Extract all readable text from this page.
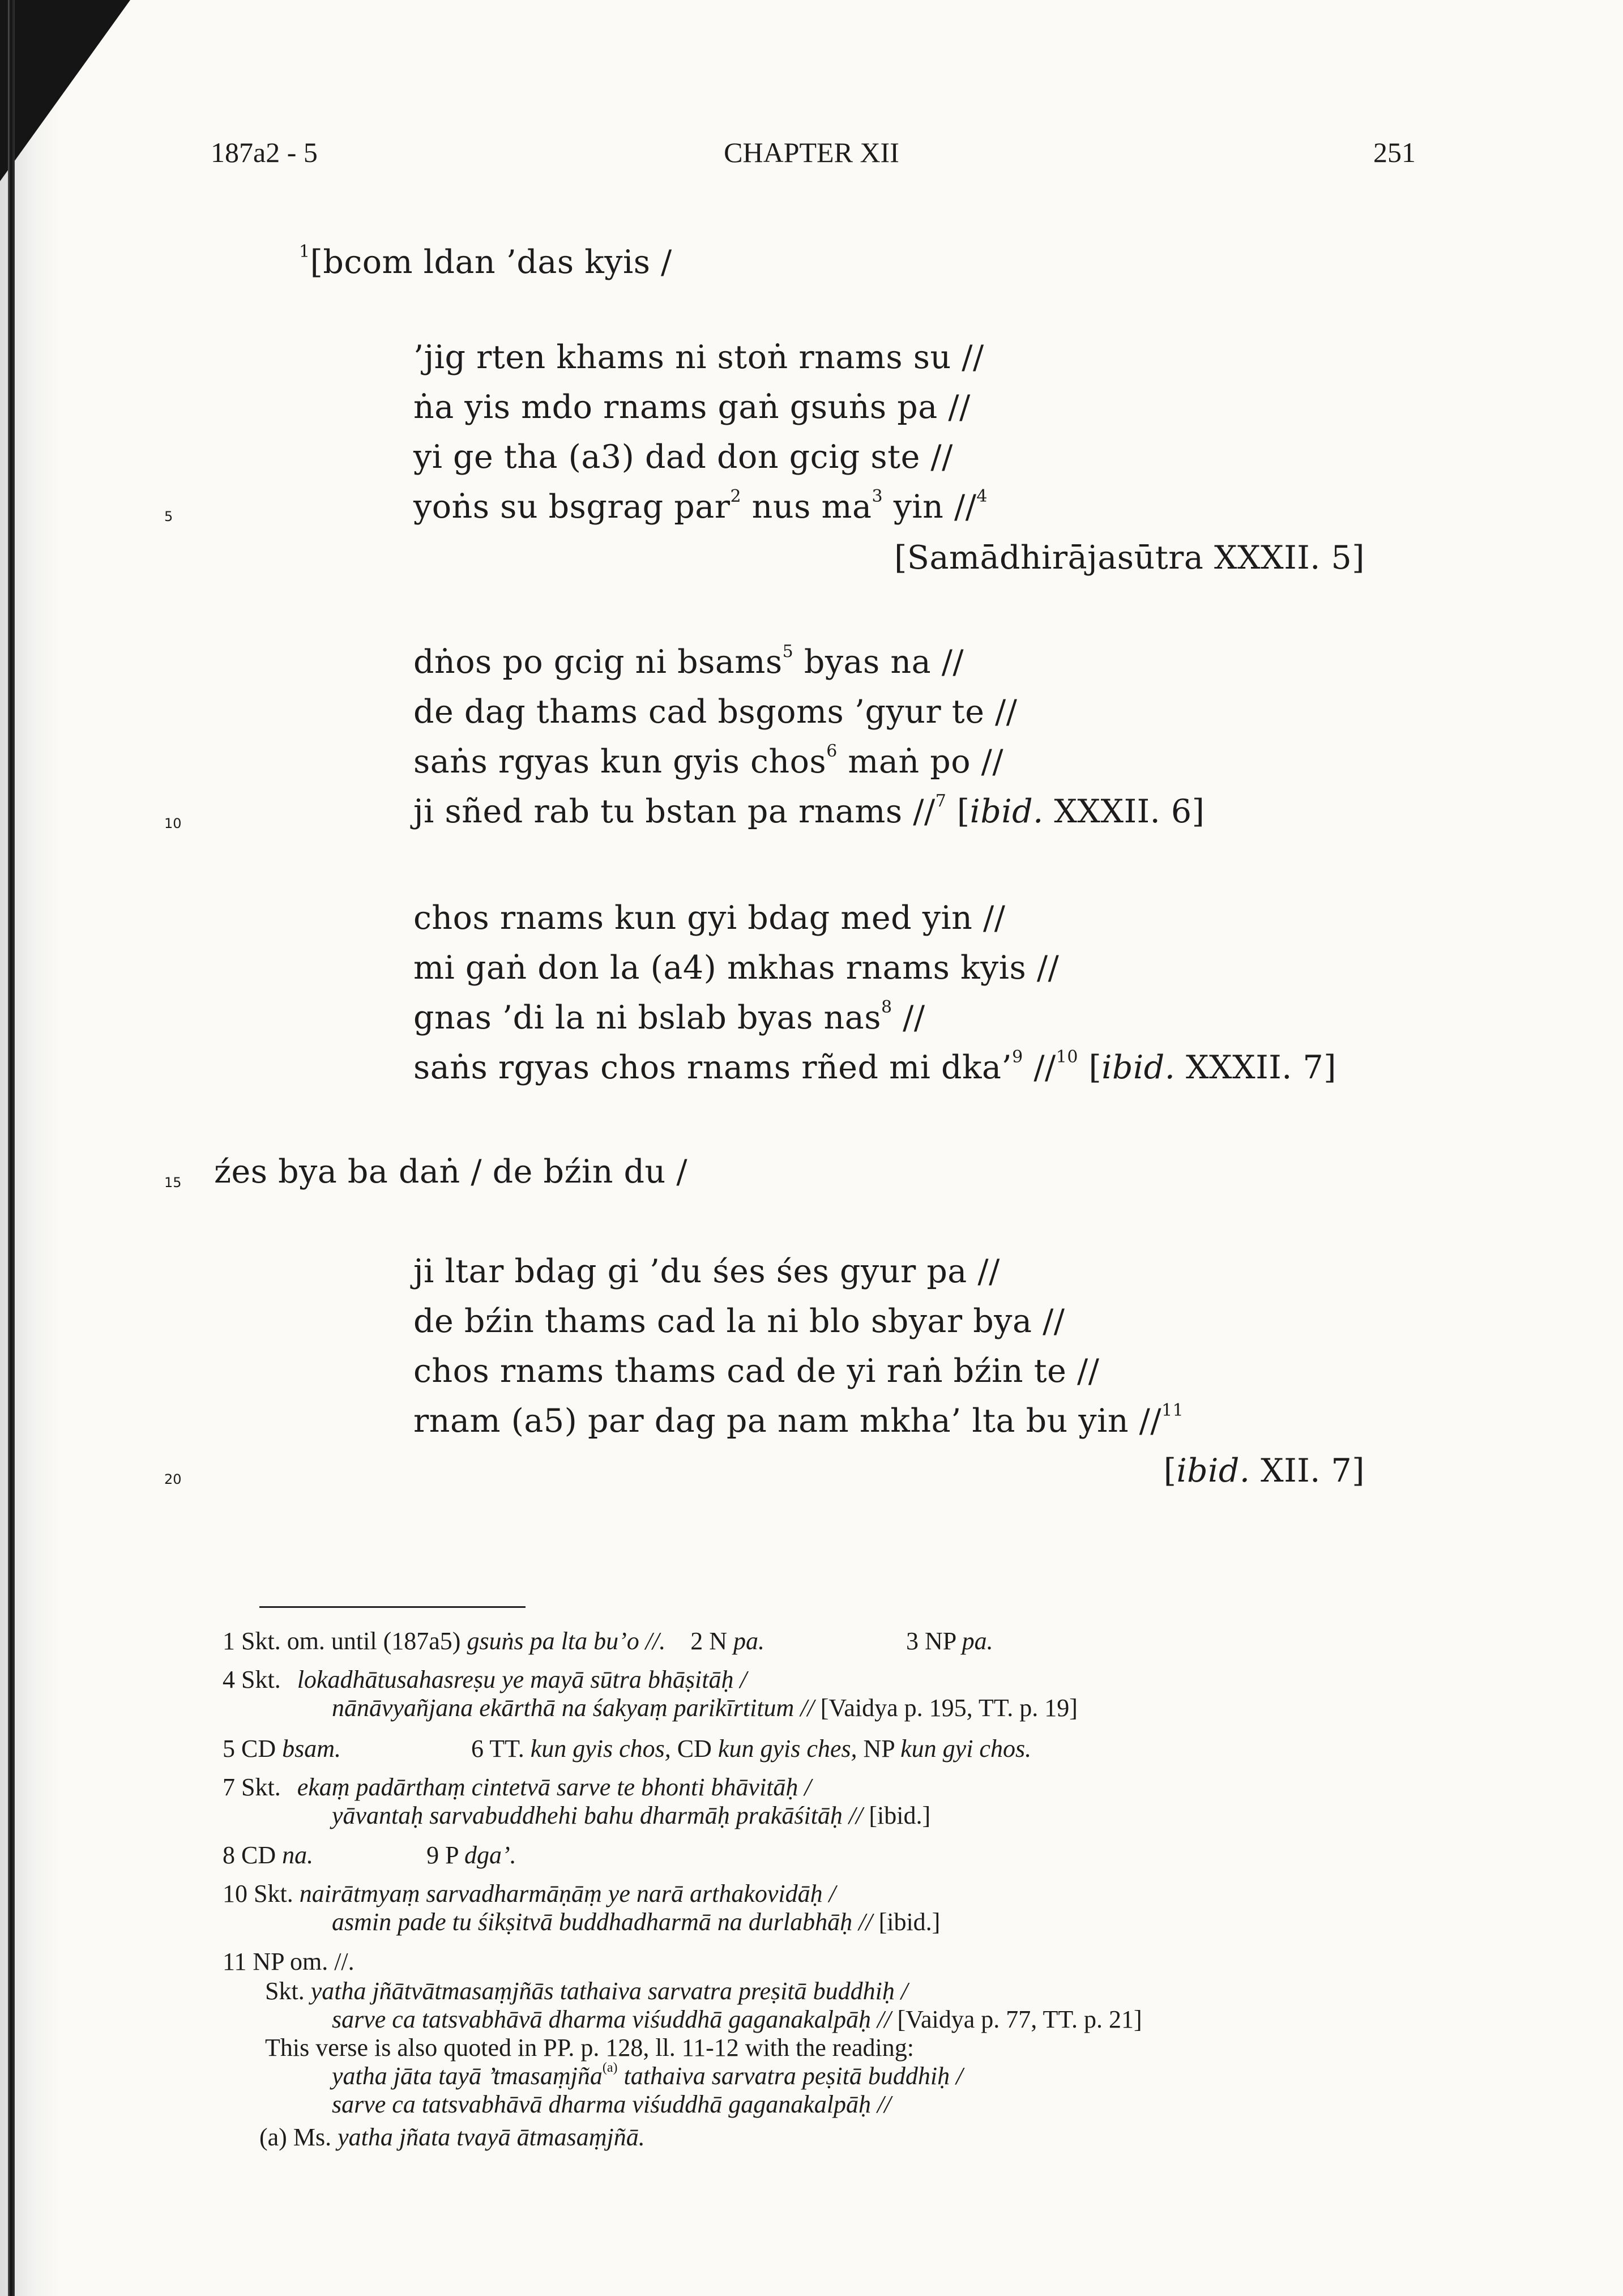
187a2 - 5	CHAPTER XII	251
$^1$[bcom ldan ’das kyis /
’jig rten khams ni stoṅ rnams su //
ṅa yis mdo rnams gaṅ gsuṅs pa //
yi ge tha (a3) dad don gcig ste //
yoṅs su bsgrag par$^2$ nus $ma^3$ yin //$^4$
5
[Samādhirājasūtra XXXII. 5]
dṅos po gcig ni bsams$^5$ byas na //
de dag thams cad bsgoms ’gyur te //
saṅs rgyas kun gyis chos$^6$ maṅ po //
ji sñed rab tu bstan pa rnams //$^7$ [ibid. XXXII. 6]
10
chos rnams kun gyi bdag med yin //
mi gaṅ don la (a4) mkhas rnams kyis //
gnas ’di la ni bslab byas nas$^8$ //
saṅs rgyas chos rnams rñed mi dka’$^9$ //$^{10}$ [ibid. XXXII. 7]
źes bya ba daṅ / de bźin du /
15
ji ltar bdag gi ’du śes śes gyur pa //
de bźin thams cad la ni blo sbyar bya //
chos rnams thams cad de yi raṅ bźin te //
rnam (a5) par dag pa nam mkha’ lta bu yin //$^{11}$
20	[ibid. XII. 7]
1 Skt. om. until (187a5) gsuṅs pa lta bu’o //. 2 N pa.	3 NP pa.
4 Skt. lokadhātusahasreṣu ye mayā sūtra bhāṣitāḥ /
nānāvyañjana ekārthā na śakyaṃ parikīrtitum // [Vaidya p. 195, TT. p. 19]
5 CD bsam.	6 TT. kun gyis chos, CD kun gyis ches, NP kun gyi chos.
7 Skt. ekaṃ padārthaṃ cintetvā sarve te bhonti bhāvitāḥ /
yāvantaḥ sarvabuddhehi bahu dharmāḥ prakāśitāḥ // [ibid.]
8 CD na.	9 P dga’.
10 Skt. nairātmyaṃ sarvadharmāṇāṃ ye narā arthakovidāḥ /
asmin pade tu śikṣitvā buddhadharmā na durlabhāḥ // [ibid.]
11 NP om. //.
Skt. yatha jñātvātmasaṃjñās tathaiva sarvatra preṣitā buddhiḥ /
sarve ca tatsvabhāvā dharma viśuddhā gaganakalpāḥ // [Vaidya p. 77, TT. p. 21]
This verse is also quoted in PP. p. 128, ll. 11-12 with the reading:
yatha jāta tayā ’tmasaṃjña$^{(a)}$ tathaiva sarvatra peṣitā buddhiḥ /
sarve ca tatsvabhāvā dharma viśuddhā gaganakalpāḥ //
(a) Ms. yatha jñata tvayā ātmasaṃjñā.
